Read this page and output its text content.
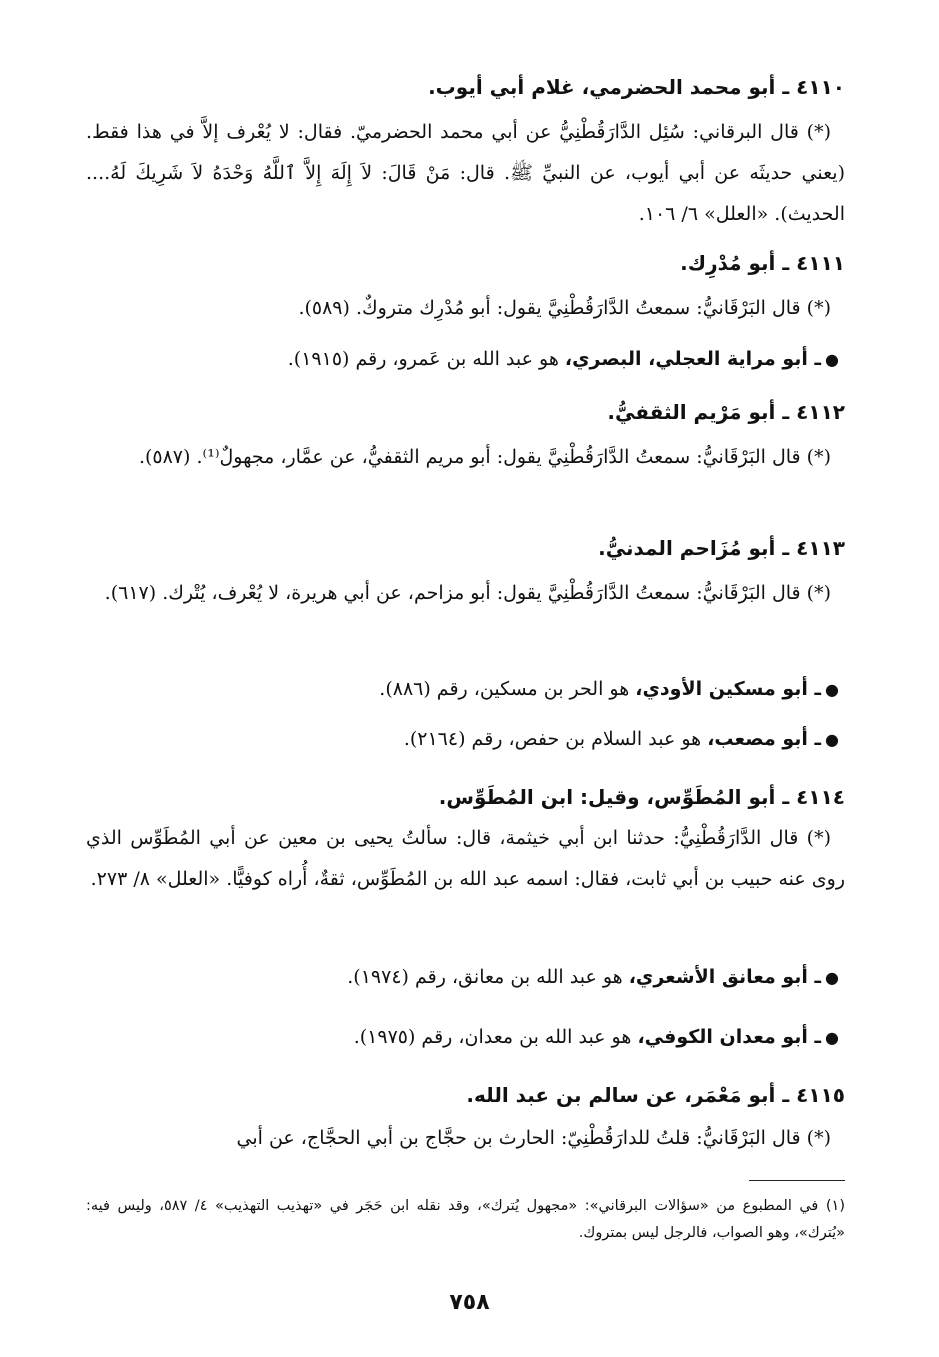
٤١١٠ ـ أبو محمد الحضرمي، غلام أبي أيوب.
(*) قال البرقاني: سُئِل الدَّارَقُطْنِيُّ عن أبي محمد الحضرميّ. فقال: لا يُعْرف إلاَّ في هذا فقط. (يعني حديثَه عن أبي أيوب، عن النبيِّ ﷺ. قال: مَنْ قَالَ: لاَ إِلَهَ إِلاَّ ٱللَّهُ وَحْدَهُ لاَ شَرِيكَ لَهُ.... الحديث). «العلل» ٦/ ١٠٦.
٤١١١ ـ أبو مُدْرِك.
(*) قال البَرْقَانيُّ: سمعتُ الدَّارَقُطْنِيَّ يقول: أبو مُدْرِك متروكٌ. (٥٨٩).
●ـ أبو مراية العجلي، البصري، هو عبد الله بن عَمرو، رقم (١٩١٥).
٤١١٢ ـ أبو مَرْيم الثقفيُّ.
(*) قال البَرْقَانيُّ: سمعتُ الدَّارَقُطْنِيَّ يقول: أبو مريم الثقفيُّ، عن عمَّار، مجهولٌ⁽¹⁾. (٥٨٧).
٤١١٣ ـ أبو مُزَاحم المدنيُّ.
(*) قال البَرْقَانيُّ: سمعتُ الدَّارَقُطْنِيَّ يقول: أبو مزاحم، عن أبي هريرة، لا يُعْرف، يُتْرك. (٦١٧).
●ـ أبو مسكين الأودي، هو الحر بن مسكين، رقم (٨٨٦).
●ـ أبو مصعب، هو عبد السلام بن حفص، رقم (٢١٦٤).
٤١١٤ ـ أبو المُطَوِّس، وقيل: ابن المُطَوِّس.
(*) قال الدَّارَقُطْنِيُّ: حدثنا ابن أبي خيثمة، قال: سألتُ يحيى بن معين عن أبي المُطَوِّس الذي روى عنه حبيب بن أبي ثابت، فقال: اسمه عبد الله بن المُطَوِّس، ثقةٌ، أُراه كوفيًّا. «العلل» ٨/ ٢٧٣.
●ـ أبو معانق الأشعري، هو عبد الله بن معانق، رقم (١٩٧٤).
●ـ أبو معدان الكوفي، هو عبد الله بن معدان، رقم (١٩٧٥).
٤١١٥ ـ أبو مَعْمَر، عن سالم بن عبد الله.
(*) قال البَرْقَانيُّ: قلتُ للدارَقُطْنِيّ: الحارث بن حجَّاج بن أبي الحجَّاج، عن أبي
(١) في المطبوع من «سؤالات البرقاني»: «مجهول يُترك»، وقد نقله ابن حَجَر في «تهذيب التهذيب» ٤/ ٥٨٧، وليس فيه: «يُترك»، وهو الصواب، فالرجل ليس بمتروك.
٧٥٨
